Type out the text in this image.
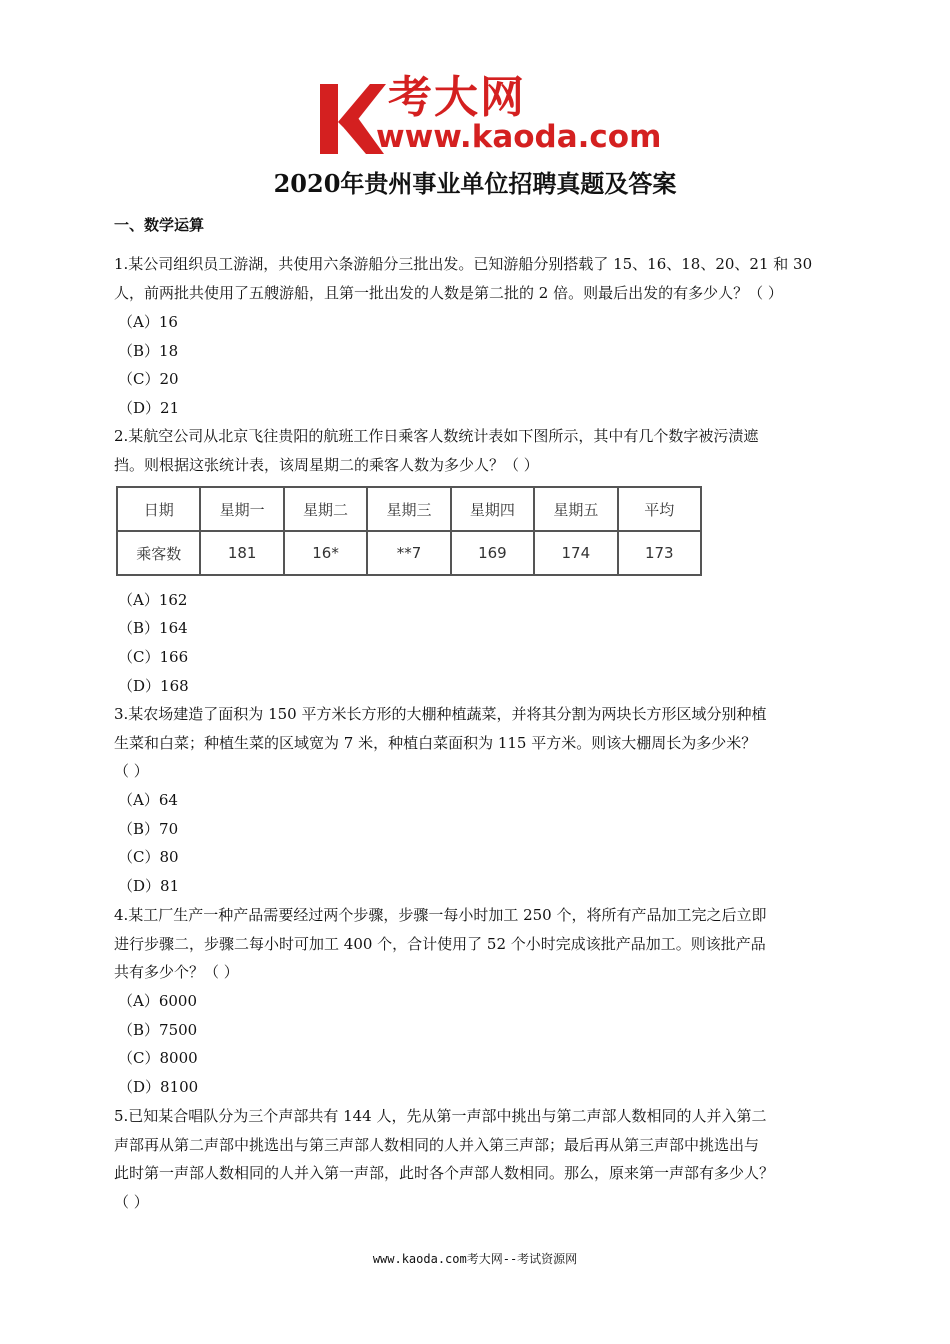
考大网
www.kaoda.com
2020年贵州事业单位招聘真题及答案
一、数学运算
1.某公司组织员工游湖，共使用六条游船分三批出发。已知游船分别搭载了 15、16、18、20、21 和 30
人，前两批共使用了五艘游船，且第一批出发的人数是第二批的 2 倍。则最后出发的有多少人？（ ）
（A）16
（B）18
（C）20
（D）21
2.某航空公司从北京飞往贵阳的航班工作日乘客人数统计表如下图所示，其中有几个数字被污渍遮
挡。则根据这张统计表，该周星期二的乘客人数为多少人？（ ）
日期	星期一	星期二	星期三	星期四	星期五	平均
乘客数	181	16*	**7	169	174	173
（A）162
（B）164
（C）166
（D）168
3.某农场建造了面积为 150 平方米长方形的大棚种植蔬菜，并将其分割为两块长方形区域分别种植
生菜和白菜；种植生菜的区域宽为 7 米，种植白菜面积为 115 平方米。则该大棚周长为多少米？
（ ）
（A）64
（B）70
（C）80
（D）81
4.某工厂生产一种产品需要经过两个步骤，步骤一每小时加工 250 个，将所有产品加工完之后立即
进行步骤二，步骤二每小时可加工 400 个，合计使用了 52 个小时完成该批产品加工。则该批产品
共有多少个？（ ）
（A）6000
（B）7500
（C）8000
（D）8100
5.已知某合唱队分为三个声部共有 144 人，先从第一声部中挑出与第二声部人数相同的人并入第二
声部再从第二声部中挑选出与第三声部人数相同的人并入第三声部；最后再从第三声部中挑选出与
此时第一声部人数相同的人并入第一声部，此时各个声部人数相同。那么，原来第一声部有多少人？
（ ）
www.kaoda.com考大网--考试资源网
